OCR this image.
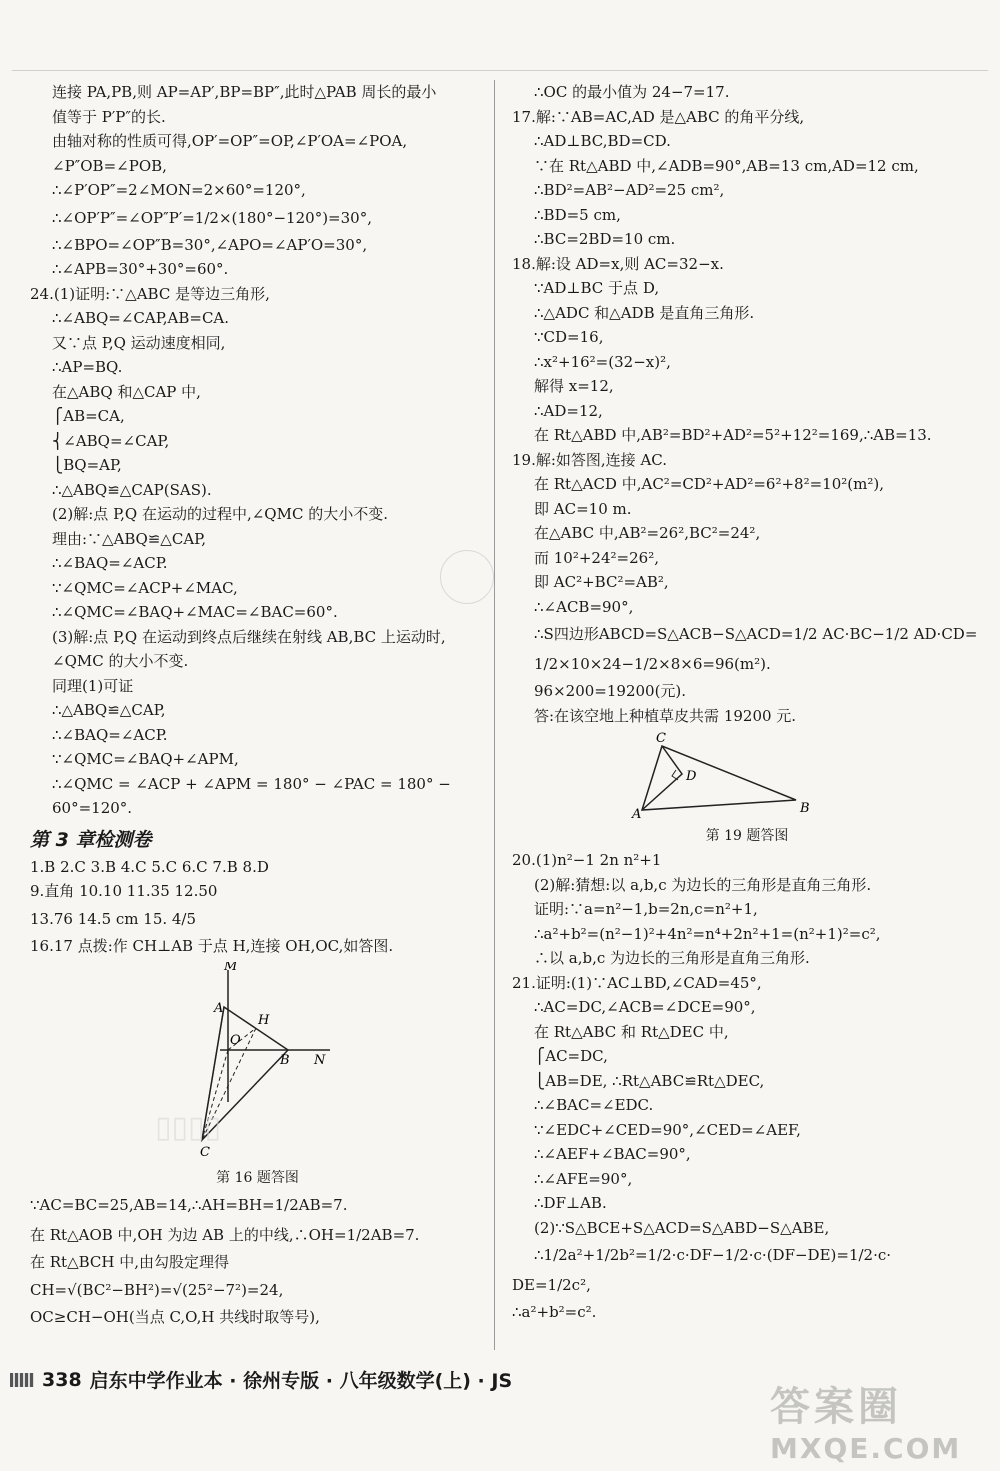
连接 PA,PB,则 AP=AP′,BP=BP″,此时△PAB 周长的最小
值等于 P′P″的长.
由轴对称的性质可得,OP′=OP″=OP,∠P′OA=∠POA,
∠P″OB=∠POB,
∴∠P′OP″=2∠MON=2×60°=120°,
∴∠OP′P″=∠OP″P′=1/2×(180°−120°)=30°,
∴∠BPO=∠OP″B=30°,∠APO=∠AP′O=30°,
∴∠APB=30°+30°=60°.
24.(1)证明:∵△ABC 是等边三角形,
∴∠ABQ=∠CAP,AB=CA.
又∵点 P,Q 运动速度相同,
∴AP=BQ.
在△ABQ 和△CAP 中,
⎧AB=CA,
⎨∠ABQ=∠CAP,
⎩BQ=AP,
∴△ABQ≌△CAP(SAS).
(2)解:点 P,Q 在运动的过程中,∠QMC 的大小不变.
理由:∵△ABQ≌△CAP,
∴∠BAQ=∠ACP.
∵∠QMC=∠ACP+∠MAC,
∴∠QMC=∠BAQ+∠MAC=∠BAC=60°.
(3)解:点 P,Q 在运动到终点后继续在射线 AB,BC 上运动时,
∠QMC 的大小不变.
同理(1)可证
∴△ABQ≌△CAP,
∴∠BAQ=∠ACP.
∵∠QMC=∠BAQ+∠APM,
∴∠QMC = ∠ACP + ∠APM = 180° − ∠PAC = 180° −
60°=120°.
第 3 章检测卷
1.B 2.C 3.B 4.C 5.C 6.C 7.B 8.D
9.直角 10.10 11.35 12.50
13.76 14.5 cm 15. 4/5
16.17 点拨:作 CH⊥AB 于点 H,连接 OH,OC,如答图.
M
A
H
O
B N
C
第 16 题答图
∵AC=BC=25,AB=14,∴AH=BH=1/2AB=7.
在 Rt△AOB 中,OH 为边 AB 上的中线,∴OH=1/2AB=7.
在 Rt△BCH 中,由勾股定理得
CH=√(BC²−BH²)=√(25²−7²)=24,
OC≥CH−OH(当点 C,O,H 共线时取等号),
∴OC 的最小值为 24−7=17.
17.解:∵AB=AC,AD 是△ABC 的角平分线,
∴AD⊥BC,BD=CD.
∵在 Rt△ABD 中,∠ADB=90°,AB=13 cm,AD=12 cm,
∴BD²=AB²−AD²=25 cm²,
∴BD=5 cm,
∴BC=2BD=10 cm.
18.解:设 AD=x,则 AC=32−x.
∵AD⊥BC 于点 D,
∴△ADC 和△ADB 是直角三角形.
∵CD=16,
∴x²+16²=(32−x)²,
解得 x=12,
∴AD=12,
在 Rt△ABD 中,AB²=BD²+AD²=5²+12²=169,∴AB=13.
19.解:如答图,连接 AC.
在 Rt△ACD 中,AC²=CD²+AD²=6²+8²=10²(m²),
即 AC=10 m.
在△ABC 中,AB²=26²,BC²=24²,
而 10²+24²=26²,
即 AC²+BC²=AB²,
∴∠ACB=90°,
∴S四边形ABCD=S△ACB−S△ACD=1/2 AC·BC−1/2 AD·CD=
1/2×10×24−1/2×8×6=96(m²).
96×200=19200(元).
答:在该空地上种植草皮共需 19200 元.
C
D
A	B
第 19 题答图
20.(1)n²−1 2n n²+1
(2)解:猜想:以 a,b,c 为边长的三角形是直角三角形.
证明:∵a=n²−1,b=2n,c=n²+1,
∴a²+b²=(n²−1)²+4n²=n⁴+2n²+1=(n²+1)²=c²,
∴以 a,b,c 为边长的三角形是直角三角形.
21.证明:(1)∵AC⊥BD,∠CAD=45°,
∴AC=DC,∠ACB=∠DCE=90°,
在 Rt△ABC 和 Rt△DEC 中,
⎧AC=DC,
⎩AB=DE, ∴Rt△ABC≌Rt△DEC,
∴∠BAC=∠EDC.
∵∠EDC+∠CED=90°,∠CED=∠AEF,
∴∠AEF+∠BAC=90°,
∴∠AFE=90°,
∴DF⊥AB.
(2)∵S△BCE+S△ACD=S△ABD−S△ABE,
∴1/2a²+1/2b²=1/2·c·DF−1/2·c·(DF−DE)=1/2·c·
DE=1/2c²,
∴a²+b²=c².
▯▯▯▯
338 启东中学作业本 · 徐州专版 · 八年级数学(上) · JS
答案圈
MXQE.COM
